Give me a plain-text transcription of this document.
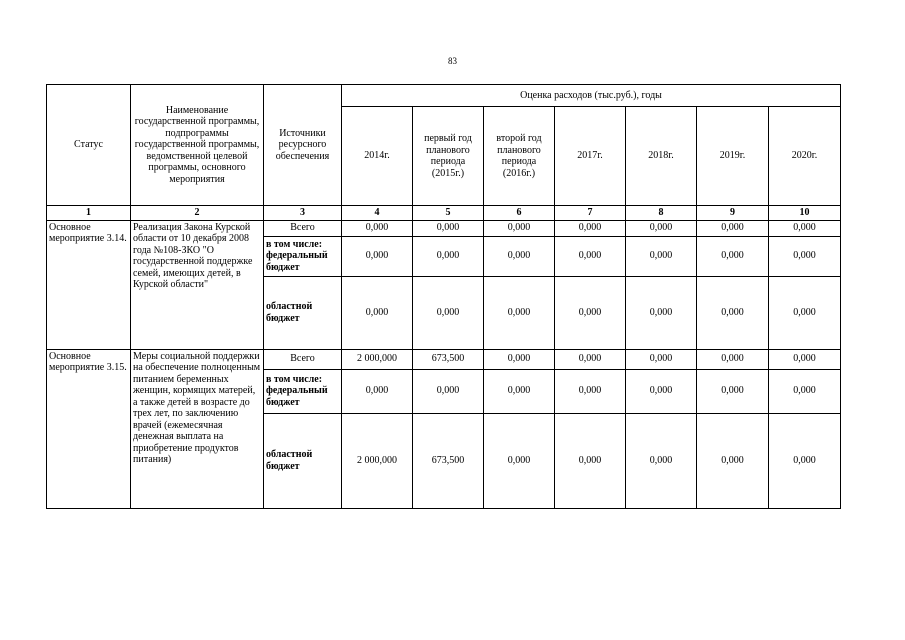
83
Статус	Наименование государственной программы, подпрограммы государственной программы, ведомственной целевой программы, основного мероприятия	Источники ресурсного обеспечения	Оценка расходов (тыс.руб.), годы						
			2014г.	первый год планового периода (2015г.)	второй год планового периода (2016г.)	2017г.	2018г.	2019г.	2020г.
1	2	3	4	5	6	7	8	9	10
Основное мероприятие 3.14.	Реализация Закона Курской области от 10 декабря 2008 года №108-ЗКО "О государственной поддержке семей, имеющих детей, в Курской области"	Всего	0,000	0,000	0,000	0,000	0,000	0,000	0,000
		в том числе: федеральный бюджет	0,000	0,000	0,000	0,000	0,000	0,000	0,000
		областной бюджет	0,000	0,000	0,000	0,000	0,000	0,000	0,000
Основное мероприятие 3.15.	Меры социальной поддержки на обеспечение полноценным питанием беременных женщин, кормящих матерей, а также детей в возрасте до трех лет, по заключению врачей (ежемесячная денежная выплата на приобретение продуктов питания)	Всего	2 000,000	673,500	0,000	0,000	0,000	0,000	0,000
		в том числе: федеральный бюджет	0,000	0,000	0,000	0,000	0,000	0,000	0,000
		областной бюджет	2 000,000	673,500	0,000	0,000	0,000	0,000	0,000
